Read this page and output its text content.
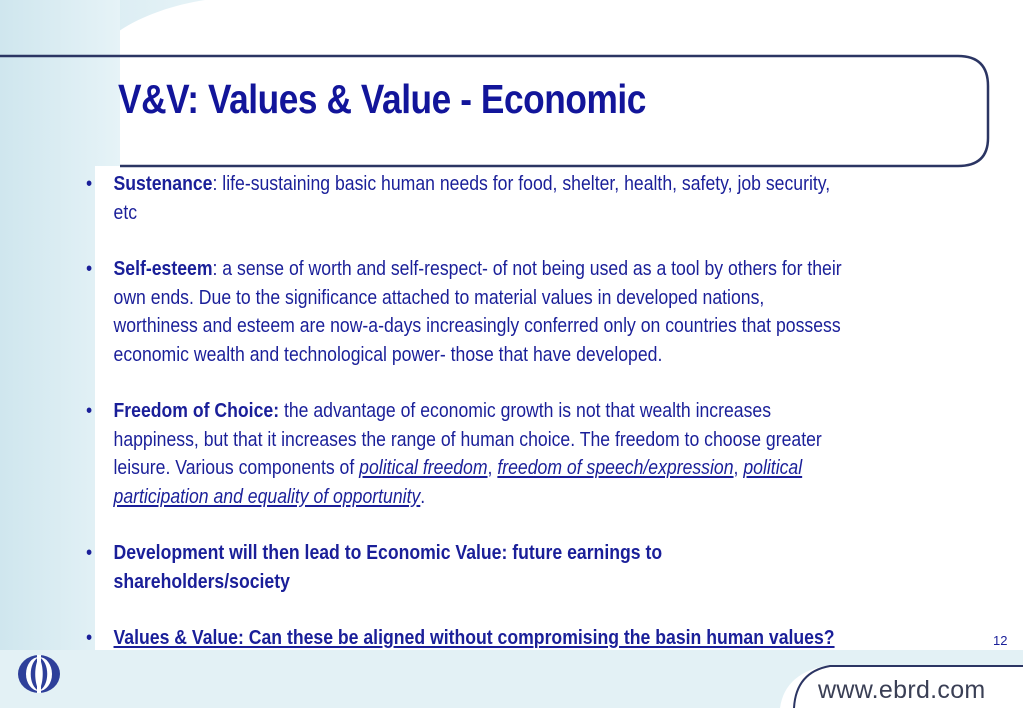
V&V: Values & Value - Economic
• Sustenance: life-sustaining basic human needs for food, shelter, health, safety, job security, etc
• Self-esteem: a sense of worth and self-respect- of not being used as a tool by others for their own ends. Due to the significance attached to material values in developed nations, worthiness and esteem are now-a-days increasingly conferred only on countries that possess economic wealth and technological power- those that have developed.
• Freedom of Choice: the advantage of economic growth is not that wealth increases happiness, but that it increases the range of human choice. The freedom to choose greater leisure. Various components of political freedom, freedom of speech/expression, political participation and equality of opportunity.
• Development will then lead to Economic Value: future earnings to shareholders/society
• Values & Value: Can these be aligned without compromising the basin human values?	12
www.ebrd.com
